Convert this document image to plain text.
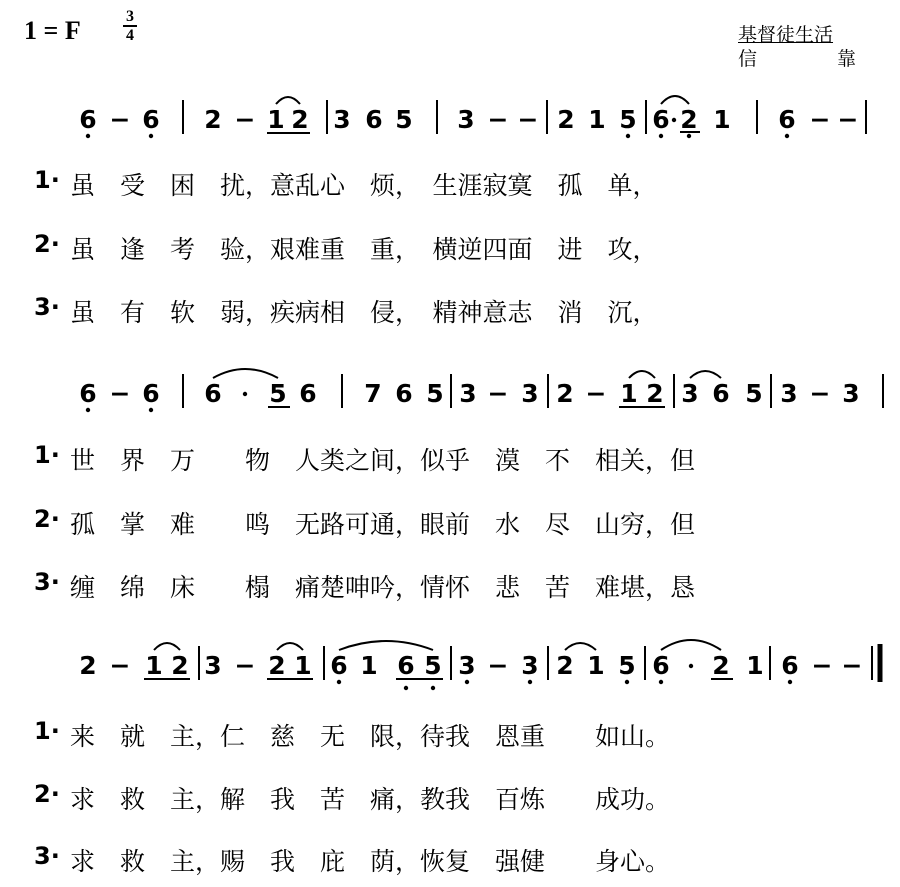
1 = F	3
4	基督徒生活
信	靠
6 − 6 2 − 1 2 3 6 5 3 − − 2 1 5 6 2 1 6 − −
6 − 6 6 5 6 7 6 5 3 − 3 2 − 1 2 3 6 5 3 − 3
2 − 1 2 3 − 2 1 6 1 6 5 3 − 3 2 1 5 6 2 1 6 − −
1· 虽　受　困　扰，意乱心　烦，　生涯寂寞　孤　单，
2· 虽　逢　考　验，艰难重　重，　横逆四面　进　攻，
3· 虽　有　软　弱，疾病相　侵，　精神意志　消　沉，
1· 世　界　万　　物　人类之间，似乎　漠　不　相关，但
2· 孤　掌　难　　鸣　无路可通，眼前　水　尽　山穷，但
3· 缠　绵　床　　榻　痛楚呻吟，情怀　悲　苦　难堪，恳
1· 来　就　主，仁　慈　无　限，待我　恩重　　如山。
2· 求　救　主，解　我　苦　痛，教我　百炼　　成功。
3· 求　救　主，赐　我　庇　荫，恢复　强健　　身心。
